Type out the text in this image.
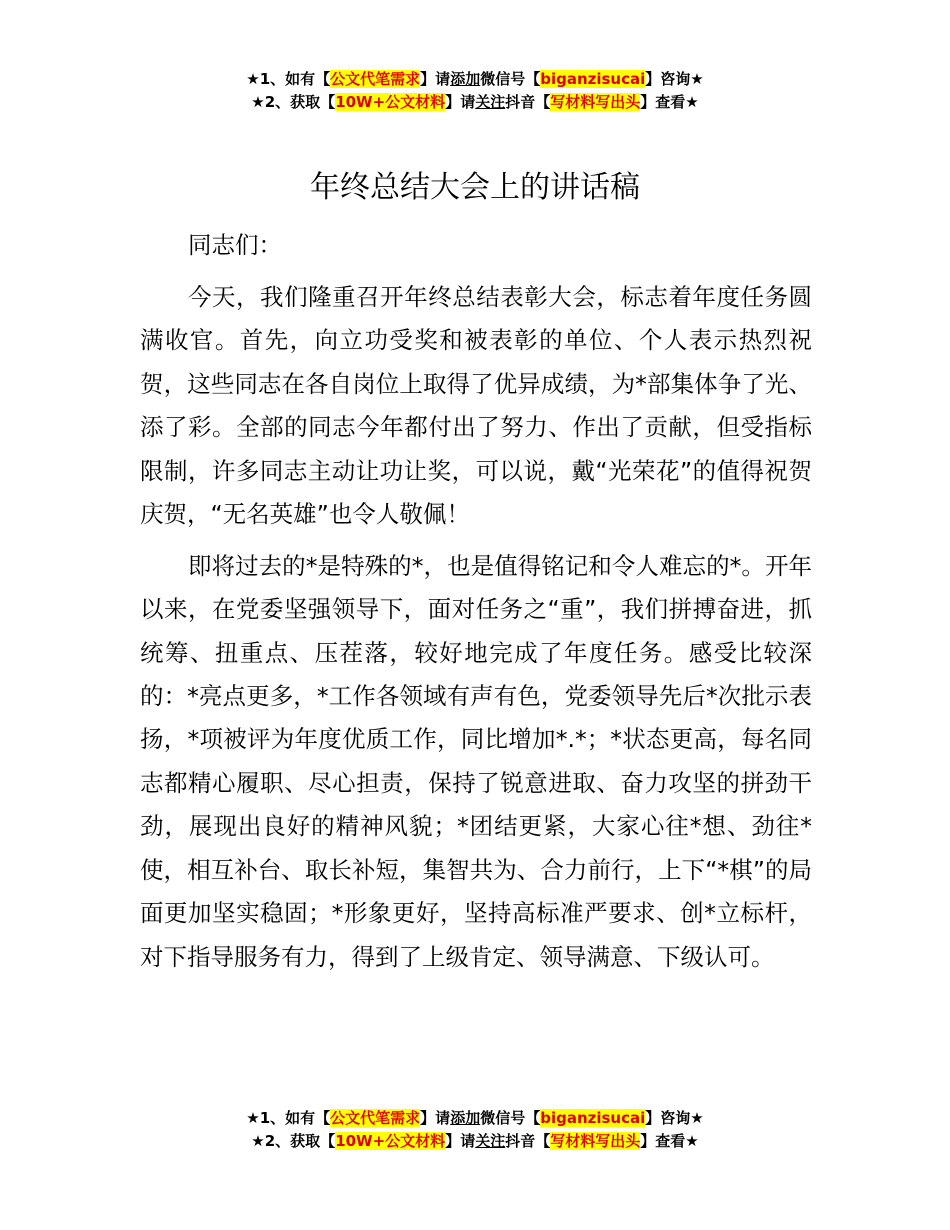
★1、如有【公文代笔需求】请添加微信号【biganzisucai】咨询★
★2、获取【10W+公文材料】请关注抖音【写材料写出头】查看★
年终总结大会上的讲话稿

同志们：

今天，我们隆重召开年终总结表彰大会，标志着年度任务圆满收官。首先，向立功受奖和被表彰的单位、个人表示热烈祝贺，这些同志在各自岗位上取得了优异成绩，为*部集体争了光、添了彩。全部的同志今年都付出了努力、作出了贡献，但受指标限制，许多同志主动让功让奖，可以说，戴“光荣花”的值得祝贺庆贺，“无名英雄”也令人敬佩！

即将过去的*是特殊的*，也是值得铭记和令人难忘的*。开年以来，在党委坚强领导下，面对任务之“重”，我们拼搏奋进，抓统筹、扭重点、压茬落，较好地完成了年度任务。感受比较深的：*亮点更多，*工作各领域有声有色，党委领导先后*次批示表扬，*项被评为年度优质工作，同比增加*.*；*状态更高，每名同志都精心履职、尽心担责，保持了锐意进取、奋力攻坚的拼劲干劲，展现出良好的精神风貌；*团结更紧，大家心往*想、劲往*使，相互补台、取长补短，集智共为、合力前行，上下“*棋”的局面更加坚实稳固；*形象更好，坚持高标准严要求、创*立标杆，对下指导服务有力，得到了上级肯定、领导满意、下级认可。

★1、如有【公文代笔需求】请添加微信号【biganzisucai】咨询★
★2、获取【10W+公文材料】请关注抖音【写材料写出头】查看★
